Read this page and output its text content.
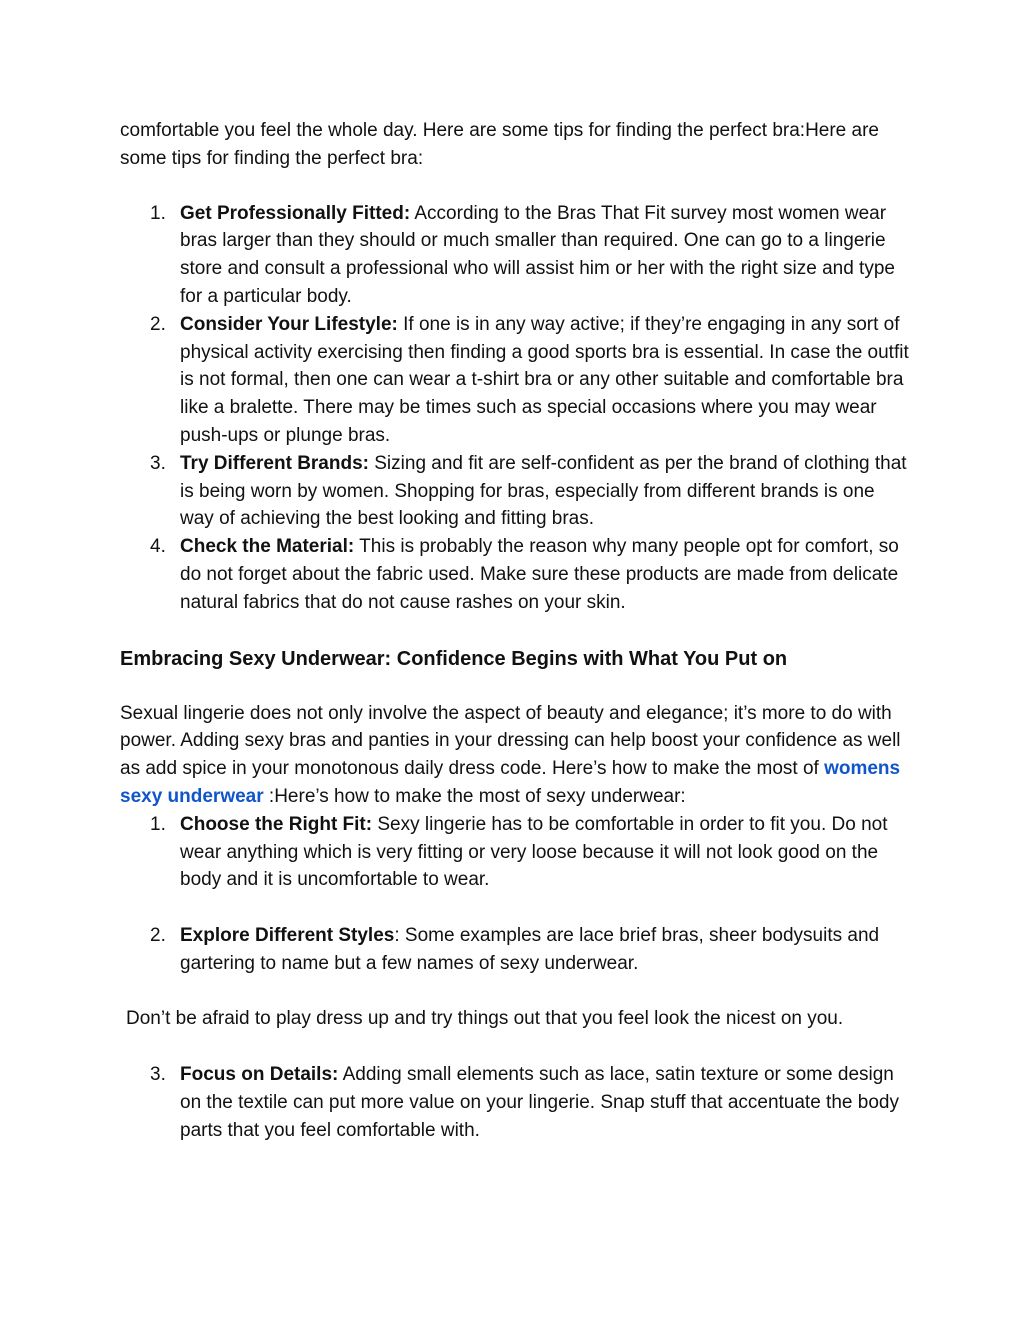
comfortable you feel the whole day. Here are some tips for finding the perfect bra:Here are some tips for finding the perfect bra:

1. Get Professionally Fitted: According to the Bras That Fit survey most women wear bras larger than they should or much smaller than required. One can go to a lingerie store and consult a professional who will assist him or her with the right size and type for a particular body.
2. Consider Your Lifestyle: If one is in any way active; if they’re engaging in any sort of physical activity exercising then finding a good sports bra is essential. In case the outfit is not formal, then one can wear a t-shirt bra or any other suitable and comfortable bra like a bralette. There may be times such as special occasions where you may wear push-ups or plunge bras.
3. Try Different Brands: Sizing and fit are self-confident as per the brand of clothing that is being worn by women. Shopping for bras, especially from different brands is one way of achieving the best looking and fitting bras.
4. Check the Material: This is probably the reason why many people opt for comfort, so do not forget about the fabric used. Make sure these products are made from delicate natural fabrics that do not cause rashes on your skin.
Embracing Sexy Underwear: Confidence Begins with What You Put on

Sexual lingerie does not only involve the aspect of beauty and elegance; it’s more to do with power. Adding sexy bras and panties in your dressing can help boost your confidence as well as add spice in your monotonous daily dress code. Here’s how to make the most of womens sexy underwear :Here’s how to make the most of sexy underwear:

1. Choose the Right Fit: Sexy lingerie has to be comfortable in order to fit you. Do not wear anything which is very fitting or very loose because it will not look good on the body and it is uncomfortable to wear.
2. Explore Different Styles: Some examples are lace brief bras, sheer bodysuits and gartering to name but a few names of sexy underwear.

Don’t be afraid to play dress up and try things out that you feel look the nicest on you.

3. Focus on Details: Adding small elements such as lace, satin texture or some design on the textile can put more value on your lingerie. Snap stuff that accentuate the body parts that you feel comfortable with.
